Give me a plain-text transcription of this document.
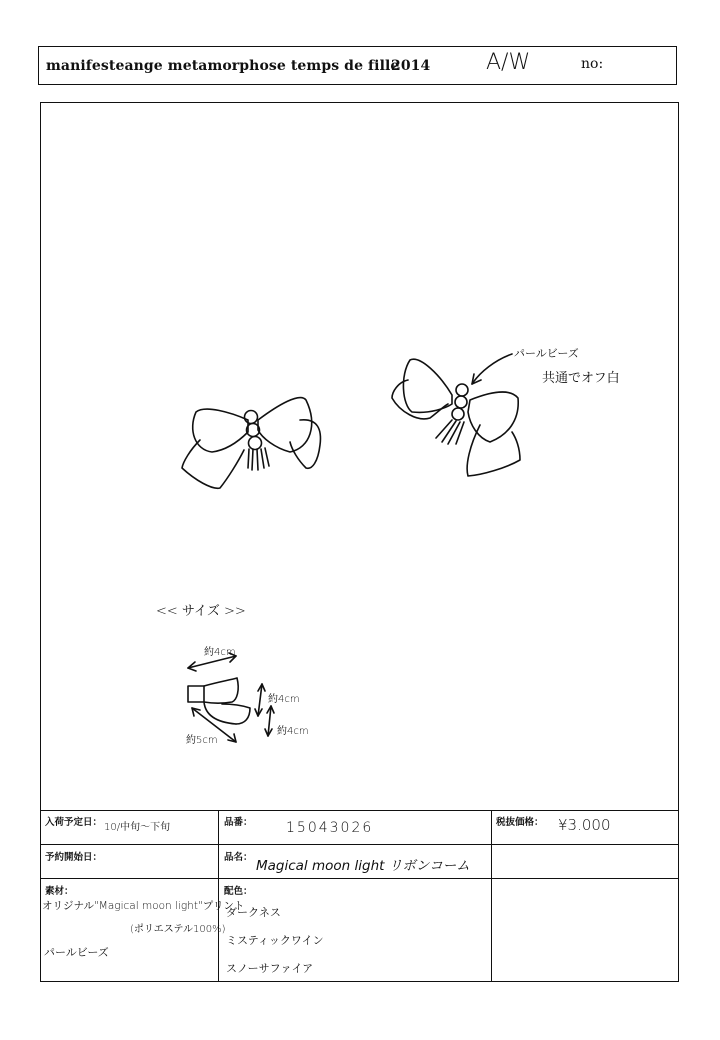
manifesteange metamorphose temps de fille
2014	A/W	no:
パールビーズ
共通でオフ白
<< サイズ >>
約4cm
約4cm
約4cm
約5cm
入荷予定日： 10/中旬～下旬	品番： 15043026	税抜価格： ¥3.000
予約開始日：	品名：
Magical moon light リボンコーム
素材：
オリジナル"Magical moon light"プリント
(ポリエステル100%)
パールビーズ
配色：
ダークネス
ミスティックワイン
スノーサファイア
